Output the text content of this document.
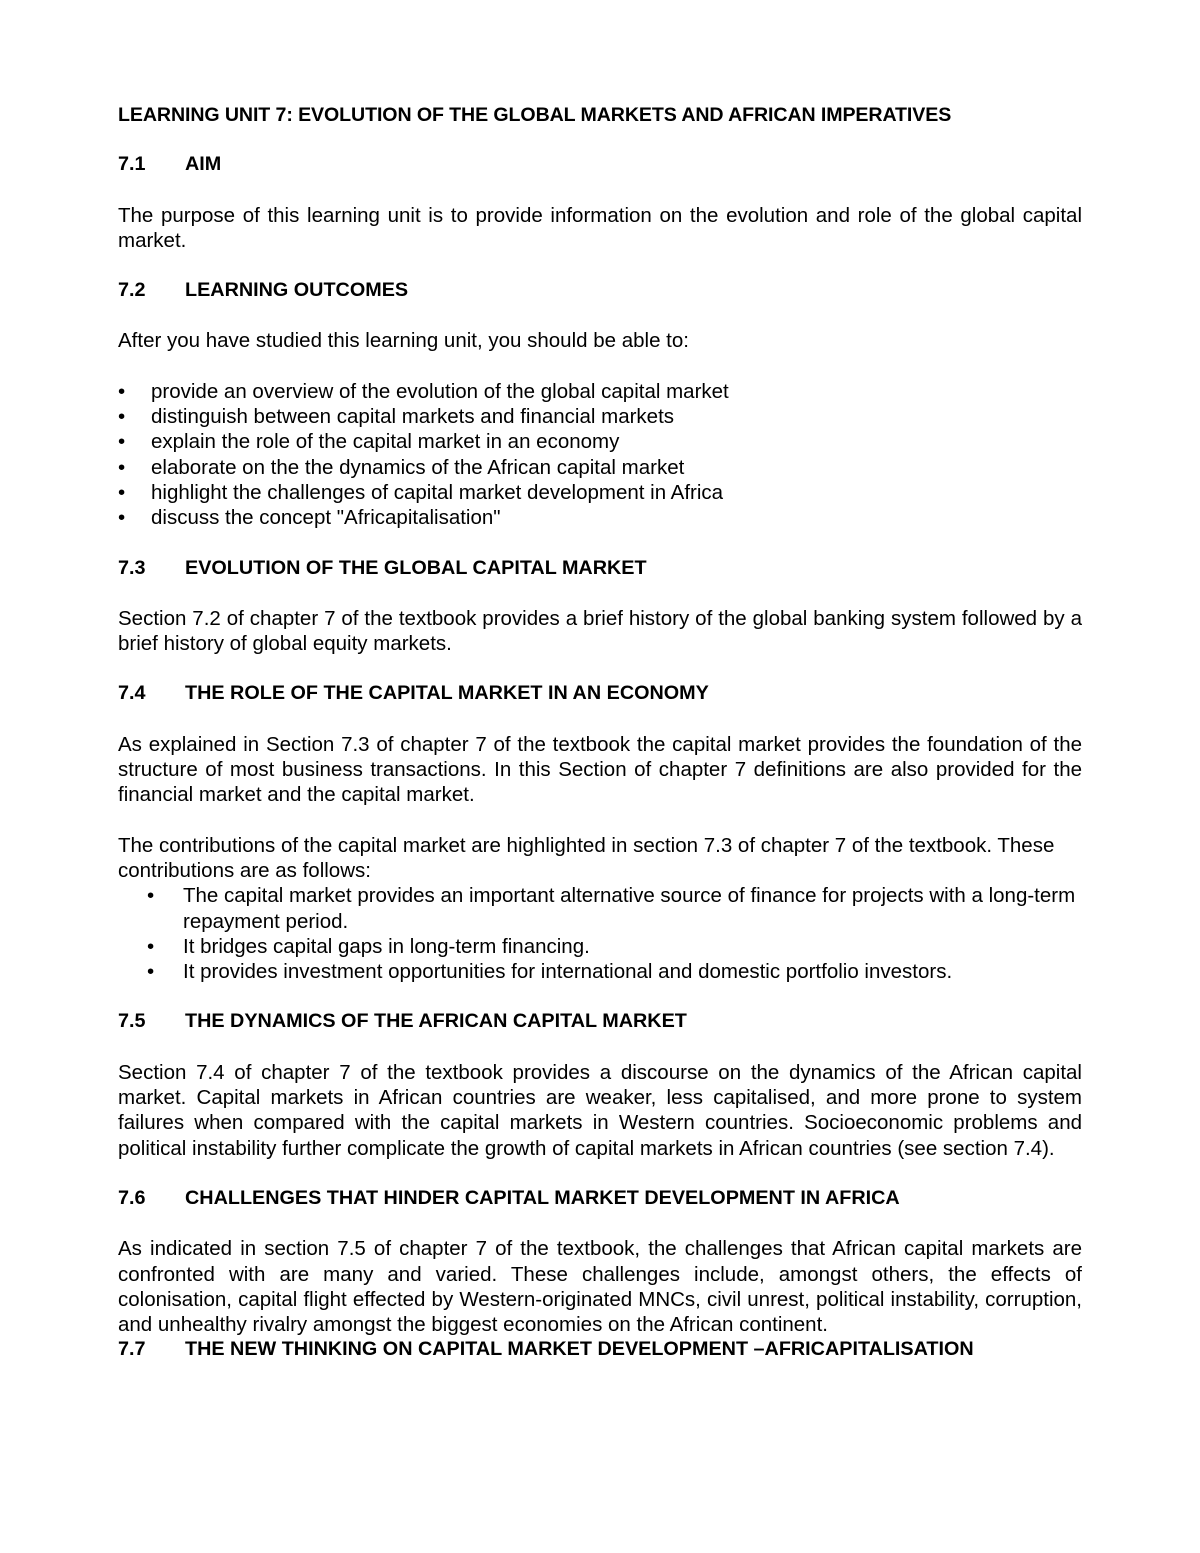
LEARNING UNIT 7: EVOLUTION OF THE GLOBAL MARKETS AND AFRICAN IMPERATIVES
7.1	AIM

The purpose of this learning unit is to provide information on the evolution and role of the global capital market.

7.2	LEARNING OUTCOMES

After you have studied this learning unit, you should be able to:

• provide an overview of the evolution of the global capital market
• distinguish between capital markets and financial markets
• explain the role of the capital market in an economy
• elaborate on the the dynamics of the African capital market
• highlight the challenges of capital market development in Africa
• discuss the concept "Africapitalisation"
7.3	EVOLUTION OF THE GLOBAL CAPITAL MARKET

Section 7.2 of chapter 7 of the textbook provides a brief history of the global banking system followed by a brief history of global equity markets.

7.4	THE ROLE OF THE CAPITAL MARKET IN AN ECONOMY

As explained in Section 7.3 of chapter 7 of the textbook the capital market provides the foundation of the structure of most business transactions. In this Section of chapter 7 definitions are also provided for the financial market and the capital market.

The contributions of the capital market are highlighted in section 7.3 of chapter 7 of the textbook. These contributions are as follows:

• The capital market provides an important alternative source of finance for projects with a long-term repayment period.
• It bridges capital gaps in long-term financing.
• It provides investment opportunities for international and domestic portfolio investors.
7.5	THE DYNAMICS OF THE AFRICAN CAPITAL MARKET

Section 7.4 of chapter 7 of the textbook provides a discourse on the dynamics of the African capital market. Capital markets in African countries are weaker, less capitalised, and more prone to system failures when compared with the capital markets in Western countries. Socioeconomic problems and political instability further complicate the growth of capital markets in African countries (see section 7.4).

7.6	CHALLENGES THAT HINDER CAPITAL MARKET DEVELOPMENT IN AFRICA

As indicated in section 7.5 of chapter 7 of the textbook, the challenges that African capital markets are confronted with are many and varied. These challenges include, amongst others, the effects of colonisation, capital flight effected by Western-originated MNCs, civil unrest, political instability, corruption, and unhealthy rivalry amongst the biggest economies on the African continent.

7.7	THE NEW THINKING ON CAPITAL MARKET DEVELOPMENT –AFRICAPITALISATION
